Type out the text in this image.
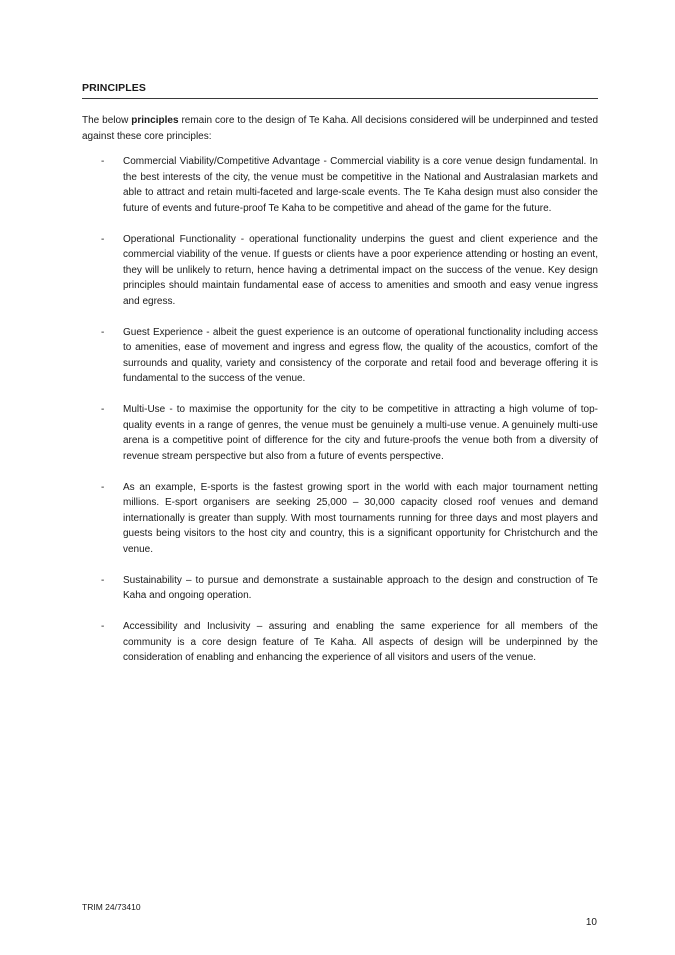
PRINCIPLES

The below principles remain core to the design of Te Kaha. All decisions considered will be underpinned and tested against these core principles:

- Commercial Viability/Competitive Advantage - Commercial viability is a core venue design fundamental. In the best interests of the city, the venue must be competitive in the National and Australasian markets and able to attract and retain multi-faceted and large-scale events. The Te Kaha design must also consider the future of events and future-proof Te Kaha to be competitive and ahead of the game for the future.
- Operational Functionality - operational functionality underpins the guest and client experience and the commercial viability of the venue. If guests or clients have a poor experience attending or hosting an event, they will be unlikely to return, hence having a detrimental impact on the success of the venue. Key design principles should maintain fundamental ease of access to amenities and smooth and easy venue ingress and egress.
- Guest Experience - albeit the guest experience is an outcome of operational functionality including access to amenities, ease of movement and ingress and egress flow, the quality of the acoustics, comfort of the surrounds and quality, variety and consistency of the corporate and retail food and beverage offering it is fundamental to the success of the venue.
- Multi-Use - to maximise the opportunity for the city to be competitive in attracting a high volume of top-quality events in a range of genres, the venue must be genuinely a multi-use venue. A genuinely multi-use arena is a competitive point of difference for the city and future-proofs the venue both from a diversity of revenue stream perspective but also from a future of events perspective.
- As an example, E-sports is the fastest growing sport in the world with each major tournament netting millions. E-sport organisers are seeking 25,000 – 30,000 capacity closed roof venues and demand internationally is greater than supply. With most tournaments running for three days and most players and guests being visitors to the host city and country, this is a significant opportunity for Christchurch and the venue.
- Sustainability – to pursue and demonstrate a sustainable approach to the design and construction of Te Kaha and ongoing operation.
- Accessibility and Inclusivity – assuring and enabling the same experience for all members of the community is a core design feature of Te Kaha. All aspects of design will be underpinned by the consideration of enabling and enhancing the experience of all visitors and users of the venue.
TRIM 24/73410
10
